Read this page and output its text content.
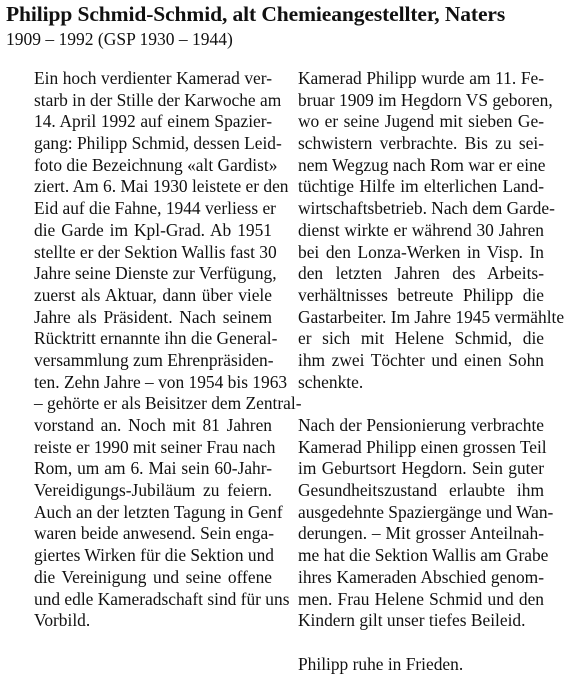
Philipp Schmid-Schmid, alt Chemieangestellter, Naters
1909 – 1992 (GSP 1930 – 1944)
Ein hoch verdienter Kamerad ver-
starb in der Stille der Karwoche am
14. April 1992 auf einem Spazier-
gang: Philipp Schmid, dessen Leid-
foto die Bezeichnung «alt Gardist»
ziert. Am 6. Mai 1930 leistete er den
Eid auf die Fahne, 1944 verliess er
die Garde im Kpl-Grad. Ab 1951
stellte er der Sektion Wallis fast 30
Jahre seine Dienste zur Verfügung,
zuerst als Aktuar, dann über viele
Jahre als Präsident. Nach seinem
Rücktritt ernannte ihn die General-
versammlung zum Ehrenpräsiden-
ten. Zehn Jahre – von 1954 bis 1963
– gehörte er als Beisitzer dem Zentral-
vorstand an. Noch mit 81 Jahren
reiste er 1990 mit seiner Frau nach
Rom, um am 6. Mai sein 60-Jahr-
Vereidigungs-Jubiläum zu feiern.
Auch an der letzten Tagung in Genf
waren beide anwesend. Sein enga-
giertes Wirken für die Sektion und
die Vereinigung und seine offene
und edle Kameradschaft sind für uns
Vorbild.
Kamerad Philipp wurde am 11. Fe-
bruar 1909 im Hegdorn VS geboren,
wo er seine Jugend mit sieben Ge-
schwistern verbrachte. Bis zu sei-
nem Wegzug nach Rom war er eine
tüchtige Hilfe im elterlichen Land-
wirtschaftsbetrieb. Nach dem Garde-
dienst wirkte er während 30 Jahren
bei den Lonza-Werken in Visp. In
den letzten Jahren des Arbeits-
verhältnisses betreute Philipp die
Gastarbeiter. Im Jahre 1945 vermählte
er sich mit Helene Schmid, die
ihm zwei Töchter und einen Sohn
schenkte.
Nach der Pensionierung verbrachte
Kamerad Philipp einen grossen Teil
im Geburtsort Hegdorn. Sein guter
Gesundheitszustand erlaubte ihm
ausgedehnte Spaziergänge und Wan-
derungen. – Mit grosser Anteilnah-
me hat die Sektion Wallis am Grabe
ihres Kameraden Abschied genom-
men. Frau Helene Schmid und den
Kindern gilt unser tiefes Beileid.
Philipp ruhe in Frieden.
